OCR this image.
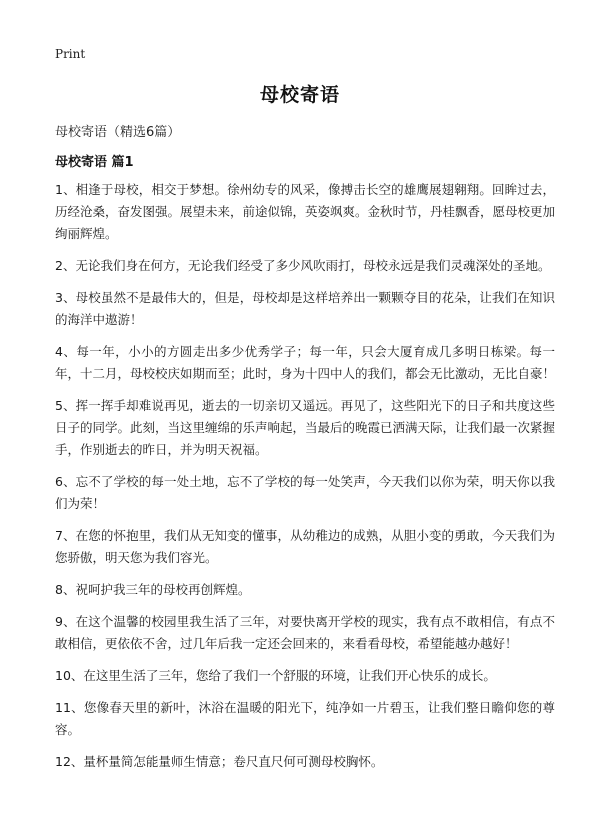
Print
母校寄语
母校寄语（精选6篇）
母校寄语 篇1

1、相逢于母校，相交于梦想。徐州幼专的风采，像搏击长空的雄鹰展翅翱翔。回眸过去，历经沧桑，奋发图强。展望未来，前途似锦，英姿飒爽。金秋时节，丹桂飘香，愿母校更加绚丽辉煌。

2、无论我们身在何方，无论我们经受了多少风吹雨打，母校永远是我们灵魂深处的圣地。

3、母校虽然不是最伟大的，但是，母校却是这样培养出一颗颗夺目的花朵，让我们在知识的海洋中遨游！

4、每一年，小小的方圆走出多少优秀学子；每一年，只会大厦育成几多明日栋梁。每一年，十二月，母校校庆如期而至；此时，身为十四中人的我们，都会无比激动，无比自豪！

5、挥一挥手却难说再见，逝去的一切亲切又遥远。再见了，这些阳光下的日子和共度这些日子的同学。此刻，当这里缠绵的乐声响起，当最后的晚霞已洒满天际，让我们最一次紧握手，作别逝去的昨日，并为明天祝福。

6、忘不了学校的每一处土地，忘不了学校的每一处笑声，今天我们以你为荣，明天你以我们为荣！

7、在您的怀抱里，我们从无知变的懂事，从幼稚边的成熟，从胆小变的勇敢，今天我们为您骄傲，明天您为我们容光。

8、祝呵护我三年的母校再创辉煌。

9、在这个温馨的校园里我生活了三年，对要快离开学校的现实，我有点不敢相信，有点不敢相信，更依依不舍，过几年后我一定还会回来的，来看看母校，希望能越办越好！

10、在这里生活了三年，您给了我们一个舒服的环境，让我们开心快乐的成长。

11、您像春天里的新叶，沐浴在温暖的阳光下，纯净如一片碧玉，让我们整日瞻仰您的尊容。

12、量杯量简怎能量师生情意；卷尺直尺何可测母校胸怀。
